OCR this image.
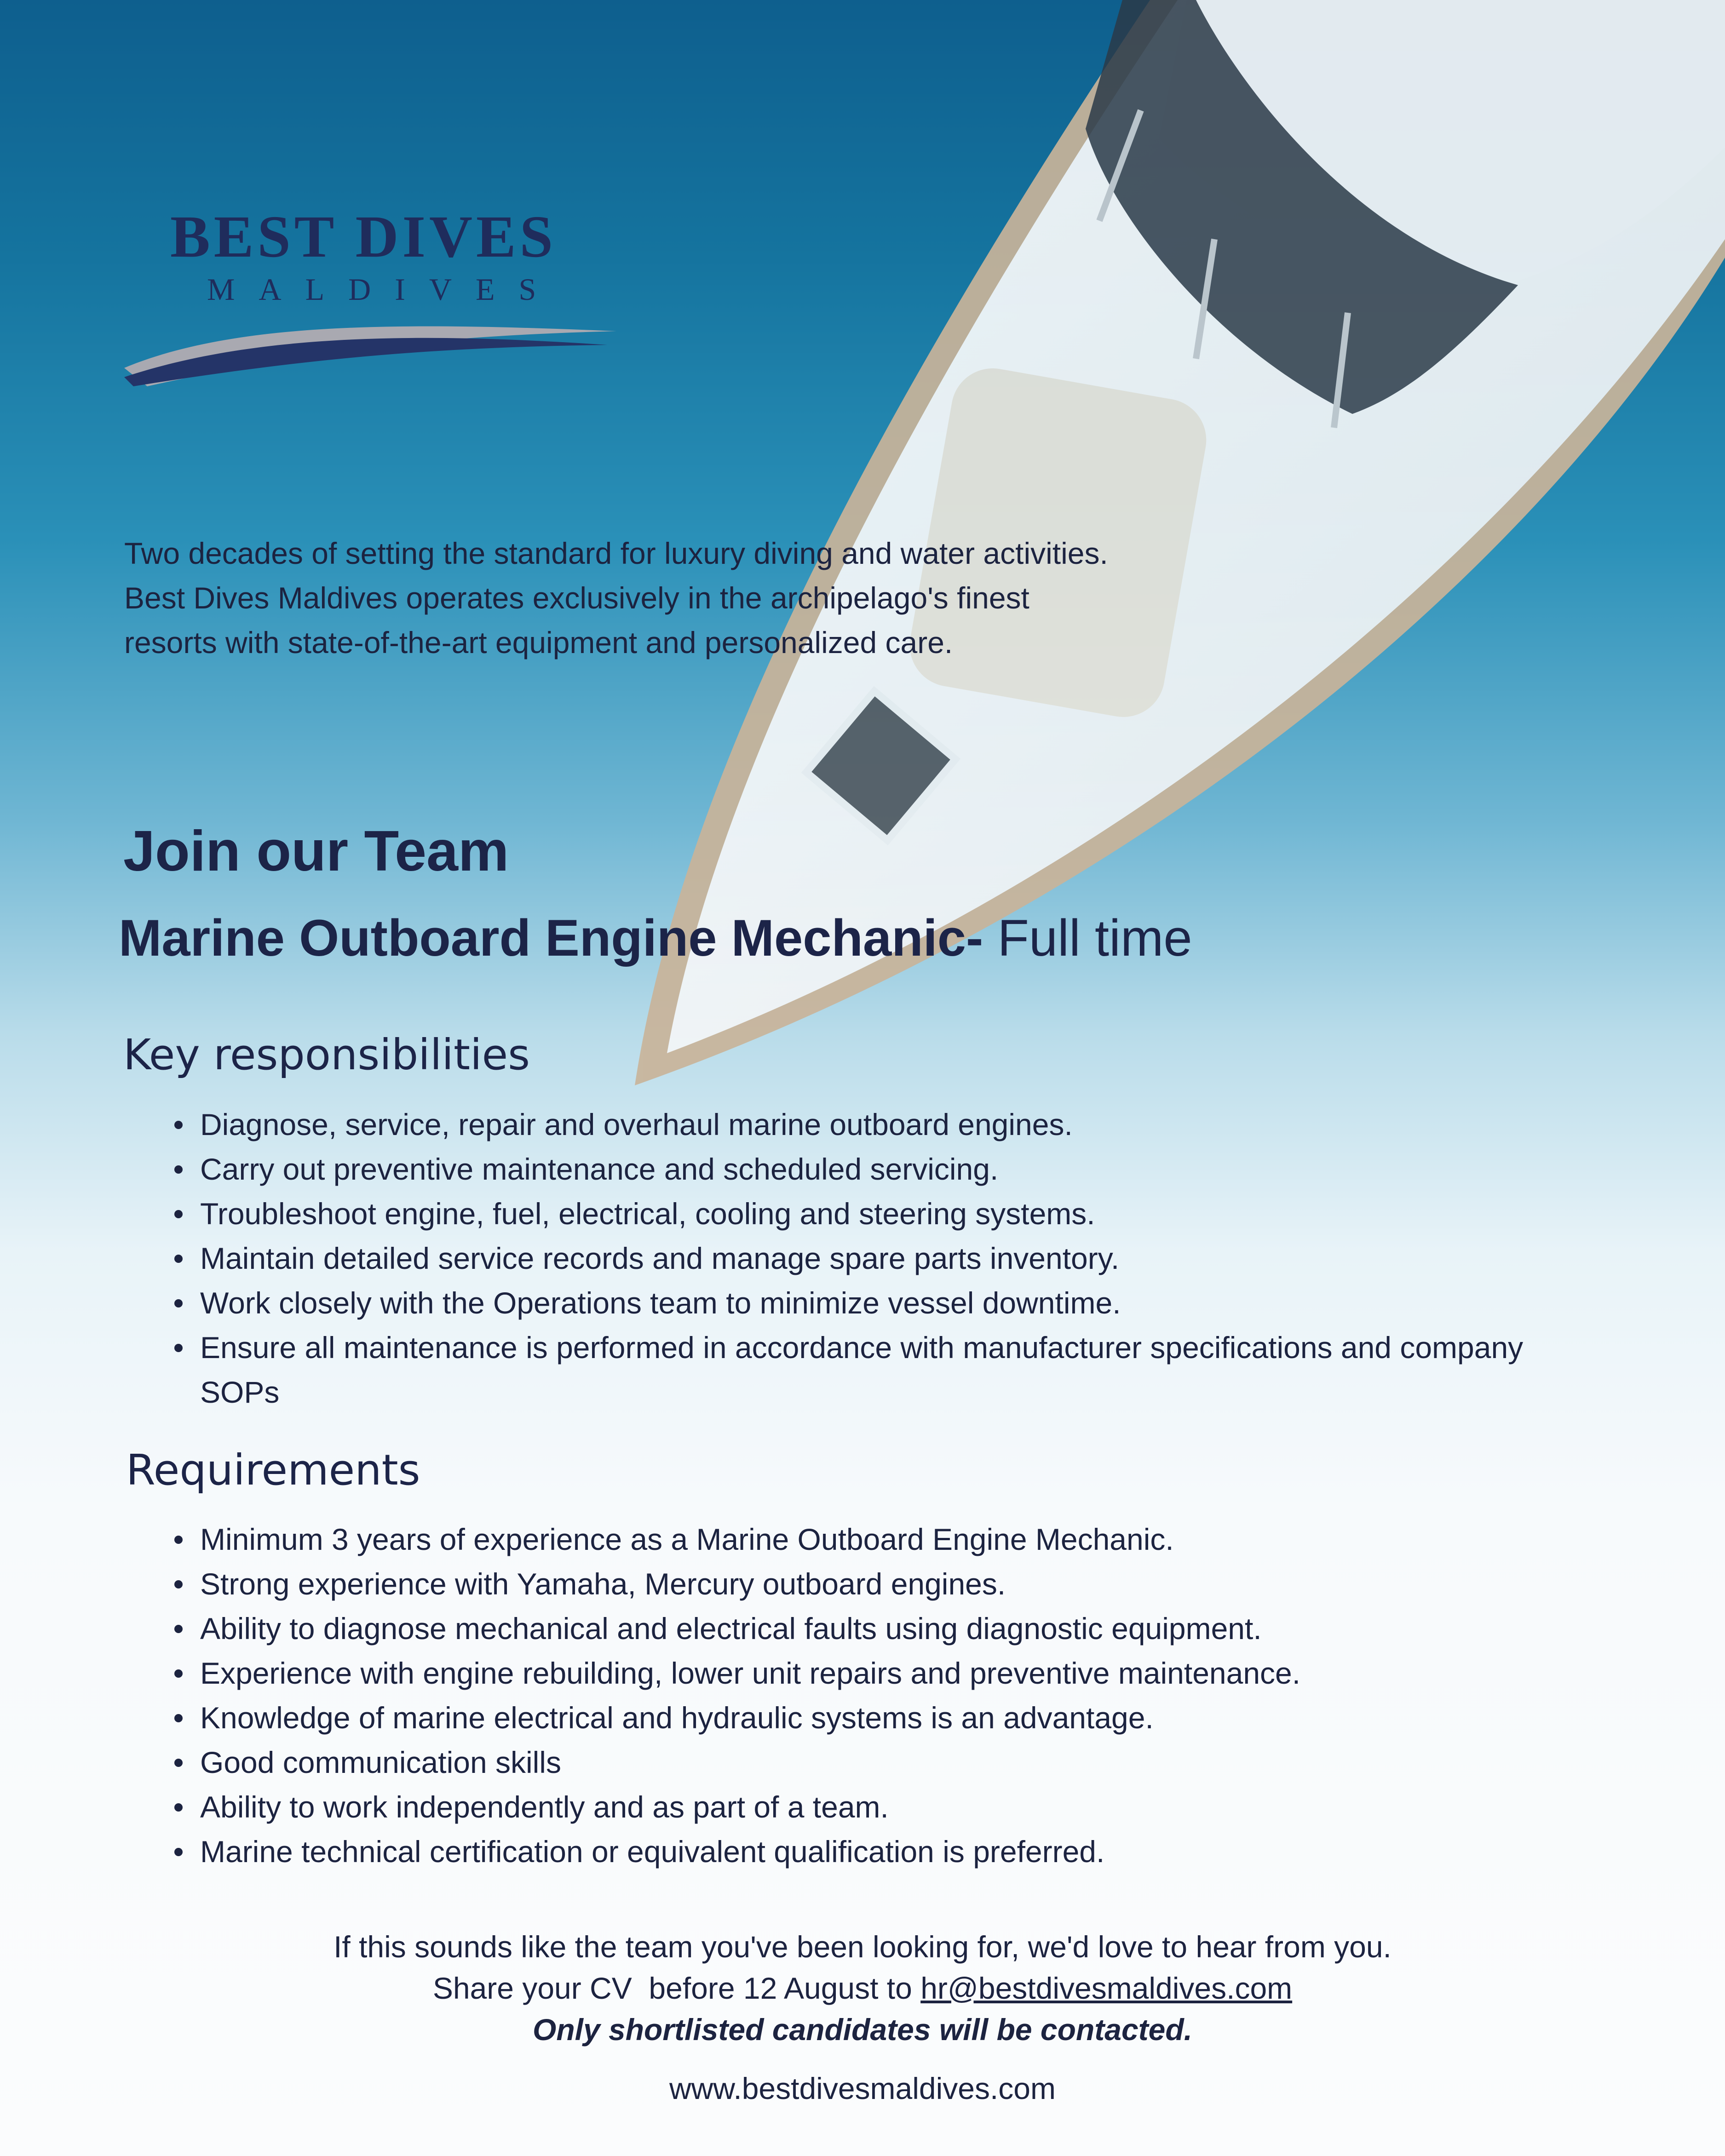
BEST DIVES
MALDIVES

Two decades of setting the standard for luxury diving and water activities. Best Dives Maldives operates exclusively in the archipelago's finest resorts with state-of-the-art equipment and personalized care.

Join our Team
Marine Outboard Engine Mechanic- Full time
Key responsibilities
Diagnose, service, repair and overhaul marine outboard engines.
Carry out preventive maintenance and scheduled servicing.
Troubleshoot engine, fuel, electrical, cooling and steering systems.
Maintain detailed service records and manage spare parts inventory.
Work closely with the Operations team to minimize vessel downtime.
Ensure all maintenance is performed in accordance with manufacturer specifications and company SOPs
Requirements
Minimum 3 years of experience as a Marine Outboard Engine Mechanic.
Strong experience with Yamaha, Mercury outboard engines.
Ability to diagnose mechanical and electrical faults using diagnostic equipment.
Experience with engine rebuilding, lower unit repairs and preventive maintenance.
Knowledge of marine electrical and hydraulic systems is an advantage.
Good communication skills
Ability to work independently and as part of a team.
Marine technical certification or equivalent qualification is preferred.

If this sounds like the team you've been looking for, we'd love to hear from you.

Share your CV  before 12 August to hr@bestdivesmaldives.com

Only shortlisted candidates will be contacted.

www.bestdivesmaldives.com
